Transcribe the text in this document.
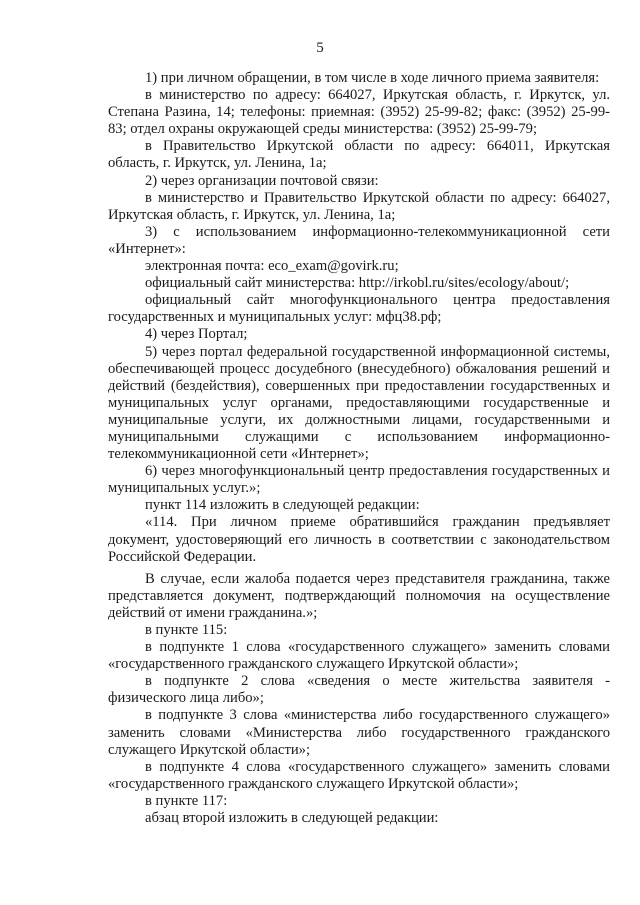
5

1) при личном обращении, в том числе в ходе личного приема заявителя:

в министерство по адресу: 664027, Иркутская область, г. Иркутск, ул. Степана Разина, 14; телефоны: приемная: (3952) 25-99-82; факс: (3952) 25-99-83; отдел охраны окружающей среды министерства: (3952) 25-99-79;

в Правительство Иркутской области по адресу: 664011, Иркутская область, г. Иркутск, ул. Ленина, 1а;

2) через организации почтовой связи:

в министерство и Правительство Иркутской области по адресу: 664027, Иркутская область, г. Иркутск, ул. Ленина, 1а;

3) с использованием информационно-телекоммуникационной сети «Интернет»:

электронная почта: eco_exam@govirk.ru;

официальный сайт министерства: http://irkobl.ru/sites/ecology/about/;

официальный сайт многофункционального центра предоставления государственных и муниципальных услуг: мфц38.рф;

4) через Портал;

5) через портал федеральной государственной информационной системы, обеспечивающей процесс досудебного (внесудебного) обжалования решений и действий (бездействия), совершенных при предоставлении государственных и муниципальных услуг органами, предоставляющими государственные и муниципальные услуги, их должностными лицами, государственными и муниципальными служащими с использованием информационно-телекоммуникационной сети «Интернет»;

6) через многофункциональный центр предоставления государственных и муниципальных услуг.»;

пункт 114 изложить в следующей редакции:

«114. При личном приеме обратившийся гражданин предъявляет документ, удостоверяющий его личность в соответствии с законодательством Российской Федерации.

В случае, если жалоба подается через представителя гражданина, также представляется документ, подтверждающий полномочия на осуществление действий от имени гражданина.»;

в пункте 115:

в подпункте 1 слова «государственного служащего» заменить словами «государственного гражданского служащего Иркутской области»;

в подпункте 2 слова «сведения о месте жительства заявителя - физического лица либо»;

в подпункте 3 слова «министерства либо государственного служащего» заменить словами «Министерства либо государственного гражданского служащего Иркутской области»;

в подпункте 4 слова «государственного служащего» заменить словами «государственного гражданского служащего Иркутской области»;

в пункте 117:

абзац второй изложить в следующей редакции:
